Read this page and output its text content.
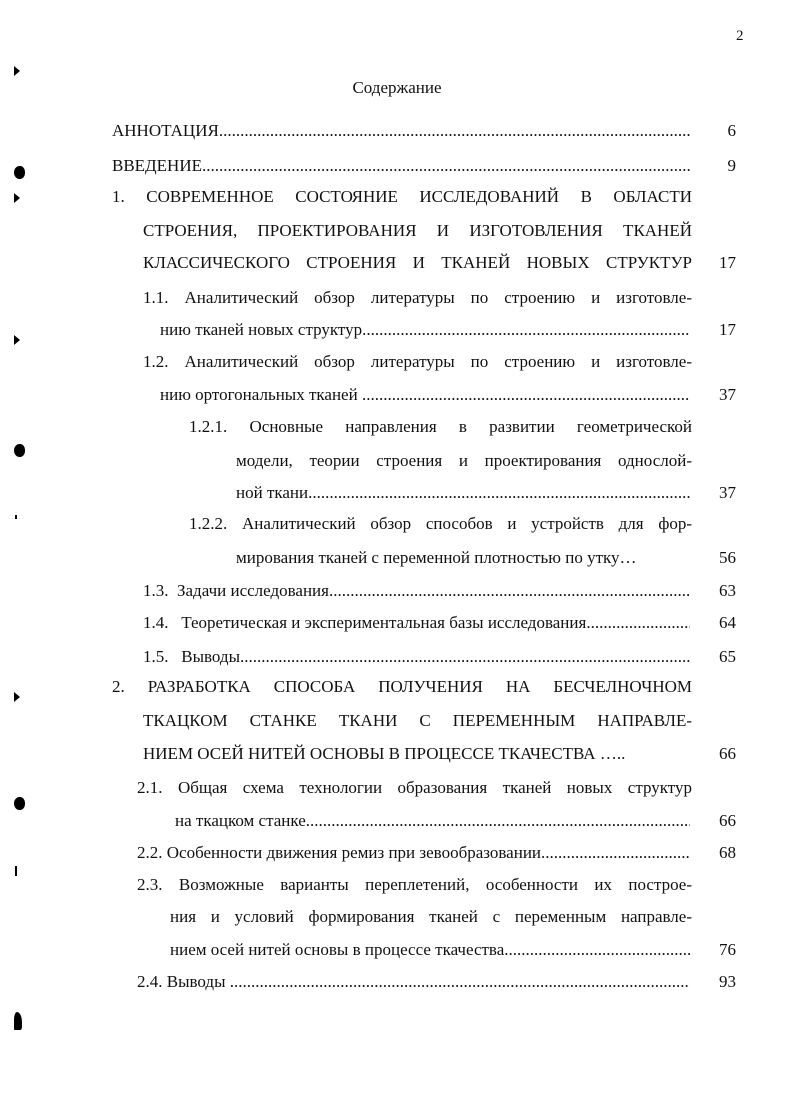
2
Содержание
АННОТАЦИЯ .....	6
ВВЕДЕНИЕ .....	9
1. СОВРЕМЕННОЕ СОСТОЯНИЕ ИССЛЕДОВАНИЙ В ОБЛАСТИ
СТРОЕНИЯ, ПРОЕКТИРОВАНИЯ И ИЗГОТОВЛЕНИЯ ТКАНЕЙ
КЛАССИЧЕСКОГО СТРОЕНИЯ И ТКАНЕЙ НОВЫХ СТРУКТУР	17
1.1. Аналитический обзор литературы по строению и изготовле-
нию тканей новых структур .....	17
1.2. Аналитический обзор литературы по строению и изготовле-
нию ортогональных тканей .....	37
1.2.1. Основные направления в развитии геометрической
модели, теории строения и проектирования однослой-
ной ткани .....	37
1.2.2. Аналитический обзор способов и устройств для фор-
мирования тканей с переменной плотностью по утку…	56
1.3.  Задачи исследования .....	63
1.4.   Теоретическая и экспериментальная базы исследования .....	64
1.5.   Выводы .....	65
2. РАЗРАБОТКА СПОСОБА ПОЛУЧЕНИЯ НА БЕСЧЕЛНОЧНОМ
ТКАЦКОМ СТАНКЕ ТКАНИ С ПЕРЕМЕННЫМ НАПРАВЛЕ-
НИЕМ ОСЕЙ НИТЕЙ ОСНОВЫ В ПРОЦЕССЕ ТКАЧЕСТВА …..	66
2.1. Общая схема технологии образования тканей новых структур
на ткацком станке .....	66
2.2. Особенности движения ремиз при зевообразовании .....	68
2.3. Возможные варианты переплетений, особенности их построе-
ния и условий формирования тканей с переменным направле-
нием осей нитей основы в процессе ткачества .....	76
2.4. Выводы .....	93
